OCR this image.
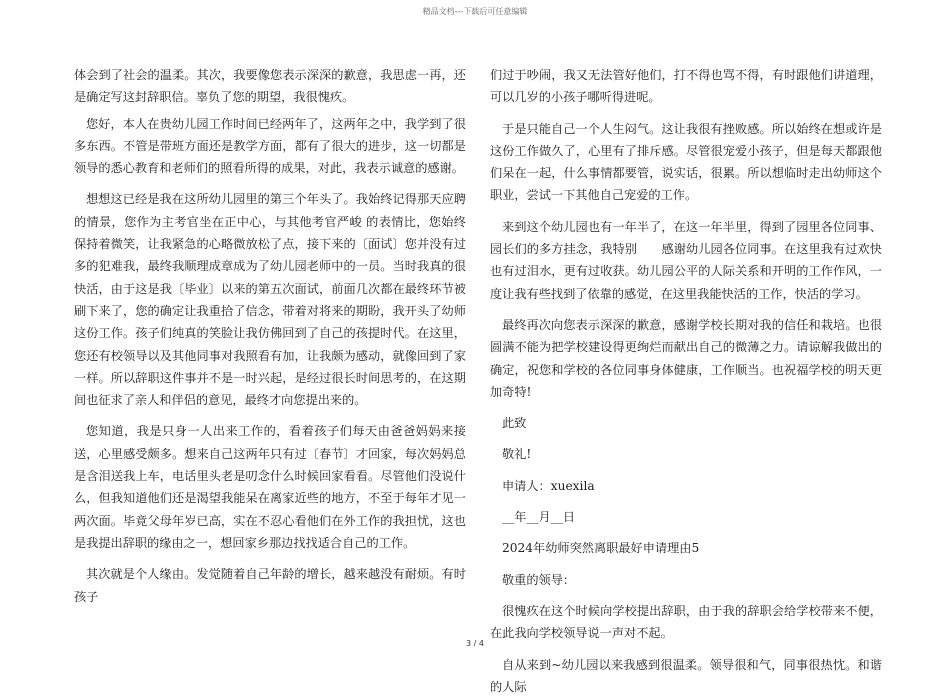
精品文档---下载后可任意编辑

体会到了社会的温柔。其次，我要像您表示深深的歉意，我思虑一再，还是确定写这封辞职信。辜负了您的期望，我很愧疚。

您好，本人在贵幼儿园工作时间已经两年了，这两年之中，我学到了很多东西。不管是带班方面还是教学方面，都有了很大的进步，这一切都是领导的悉心教育和老师们的照看所得的成果，对此，我表示诚意的感谢。

想想这已经是我在这所幼儿园里的第三个年头了。我始终记得那天应聘的情景，您作为主考官坐在正中心，与其他考官严峻 的表情比，您始终保持着微笑，让我紧急的心略微放松了点，接下来的〔面试〕您并没有过多的犯难我，最终我顺理成章成为了幼儿园老师中的一员。当时我真的很快活，由于这是我〔毕业〕以来的第五次面试，前面几次都在最终环节被刷下来了，您的确定让我重拾了信念，带着对将来的期盼，我开头了幼师这份工作。孩子们纯真的笑脸让我仿佛回到了自己的孩提时代。在这里，您还有校领导以及其他同事对我照看有加，让我颇为感动，就像回到了家一样。所以辞职这件事并不是一时兴起，是经过很长时间思考的，在这期间也征求了亲人和伴侣的意见，最终才向您提出来的。

您知道，我是只身一人出来工作的，看着孩子们每天由爸爸妈妈来接送，心里感受颇多。想来自己这两年只有过〔春节〕才回家，每次妈妈总是含泪送我上车，电话里头老是叨念什么时候回家看看。尽管他们没说什么，但我知道他们还是渴望我能呆在离家近些的地方，不至于每年才见一两次面。毕竟父母年岁已高，实在不忍心看他们在外工作的我担忧，这也是我提出辞职的缘由之一，想回家乡那边找找适合自己的工作。

其次就是个人缘由。发觉随着自己年龄的增长，越来越没有耐烦。有时孩子

们过于吵闹，我又无法管好他们，打不得也骂不得，有时跟他们讲道理，可以几岁的小孩子哪听得进呢。

于是只能自己一个人生闷气。这让我很有挫败感。所以始终在想或许是这份工作做久了，心里有了排斥感。尽管很宠爱小孩子，但是每天都跟他们呆在一起，什么事情都要管，说实话，很累。所以想临时走出幼师这个职业，尝试一下其他自己宠爱的工作。

来到这个幼儿园也有一年半了，在这一年半里，得到了园里各位同事、园长们的多方挂念，我特别　　感谢幼儿园各位同事。在这里我有过欢快　也有过泪水，更有过收获。幼儿园公平的人际关系和开明的工作作风，一度让我有些找到了依靠的感觉，在这里我能快活的工作，快活的学习。

最终再次向您表示深深的歉意，感谢学校长期对我的信任和栽培。也很圆满不能为把学校建设得更绚烂而献出自己的微薄之力。请谅解我做出的确定，祝您和学校的各位同事身体健康，工作顺当。也祝福学校的明天更加奇特!

此致

敬礼!

申请人：xuexila

__年__月__日

2024年幼师突然离职最好申请理由5

敬重的领导：

很愧疚在这个时候向学校提出辞职，由于我的辞职会给学校带来不便，在此我向学校领导说一声对不起。

自从来到~幼儿园以来我感到很温柔。领导很和气，同事很热忱。和谐的人际

3 / 4
